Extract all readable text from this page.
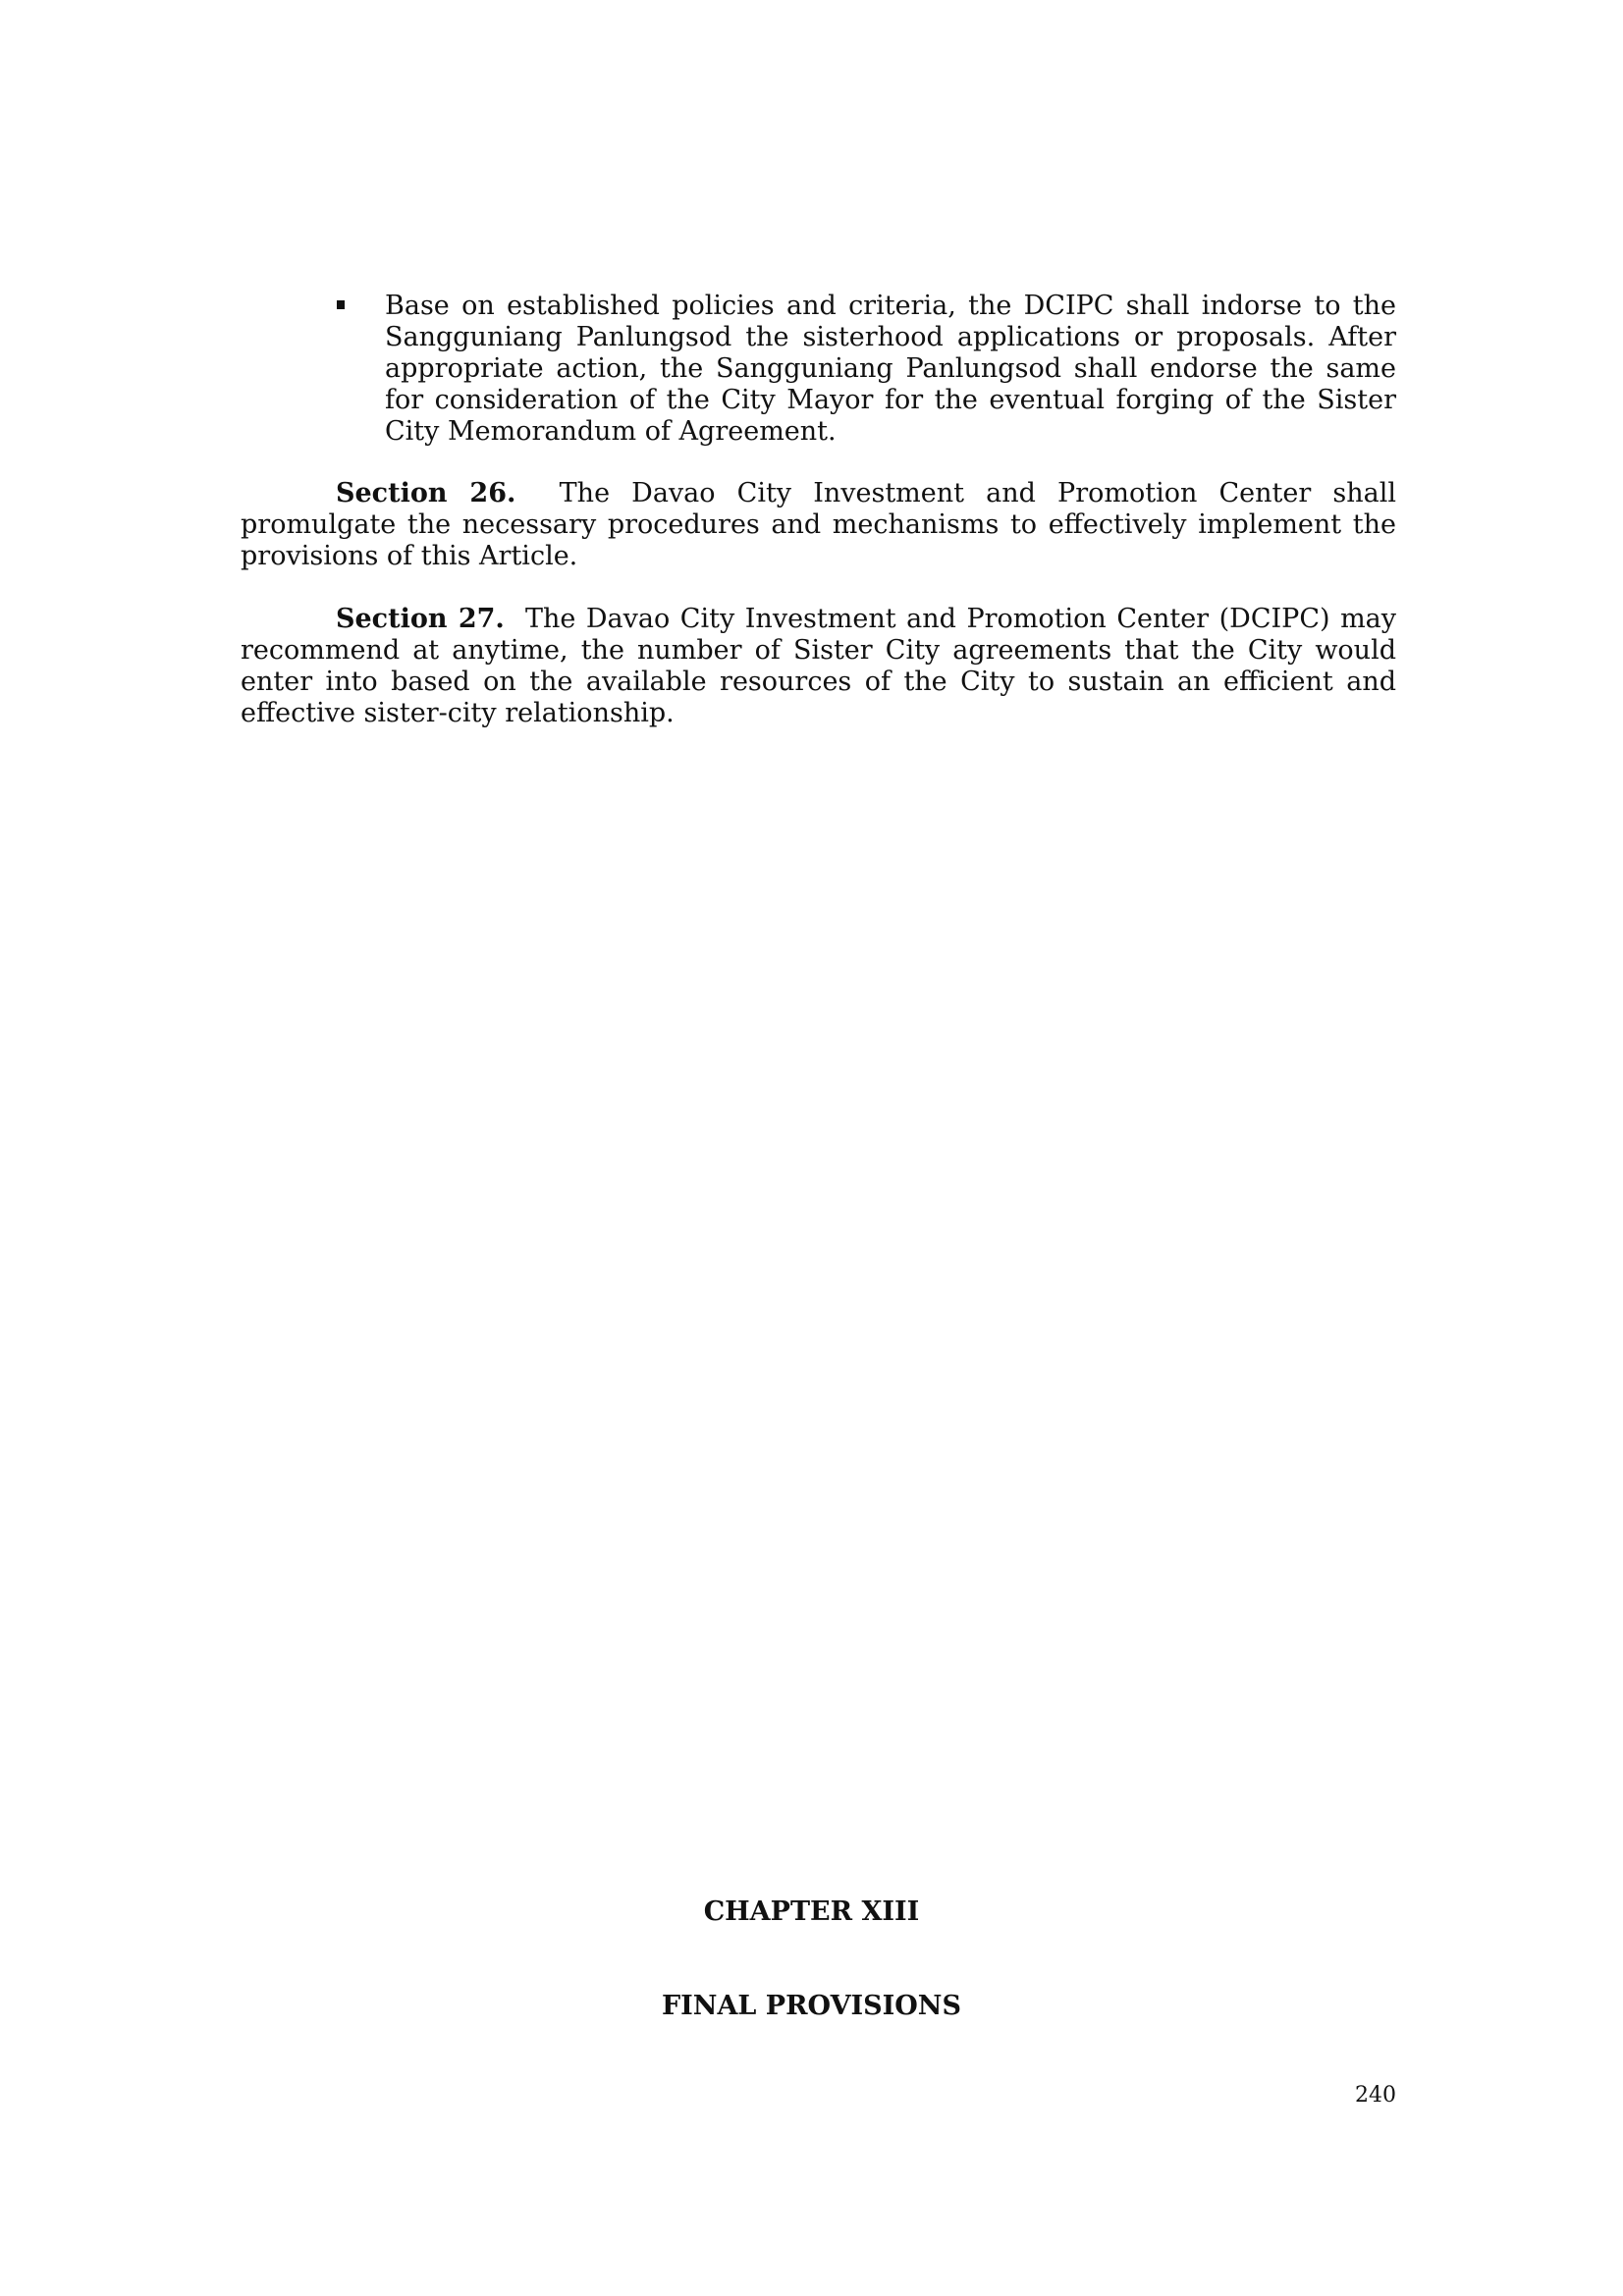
Base on established policies and criteria, the DCIPC shall indorse to the Sangguniang Panlungsod the sisterhood applications or proposals. After appropriate action, the Sangguniang Panlungsod shall endorse the same for consideration of the City Mayor for the eventual forging of the Sister City Memorandum of Agreement.

Section 26. The Davao City Investment and Promotion Center shall promulgate the necessary procedures and mechanisms to effectively implement the provisions of this Article.

Section 27. The Davao City Investment and Promotion Center (DCIPC) may recommend at anytime, the number of Sister City agreements that the City would enter into based on the available resources of the City to sustain an efficient and effective sister-city relationship.

CHAPTER XIII

FINAL PROVISIONS

240
